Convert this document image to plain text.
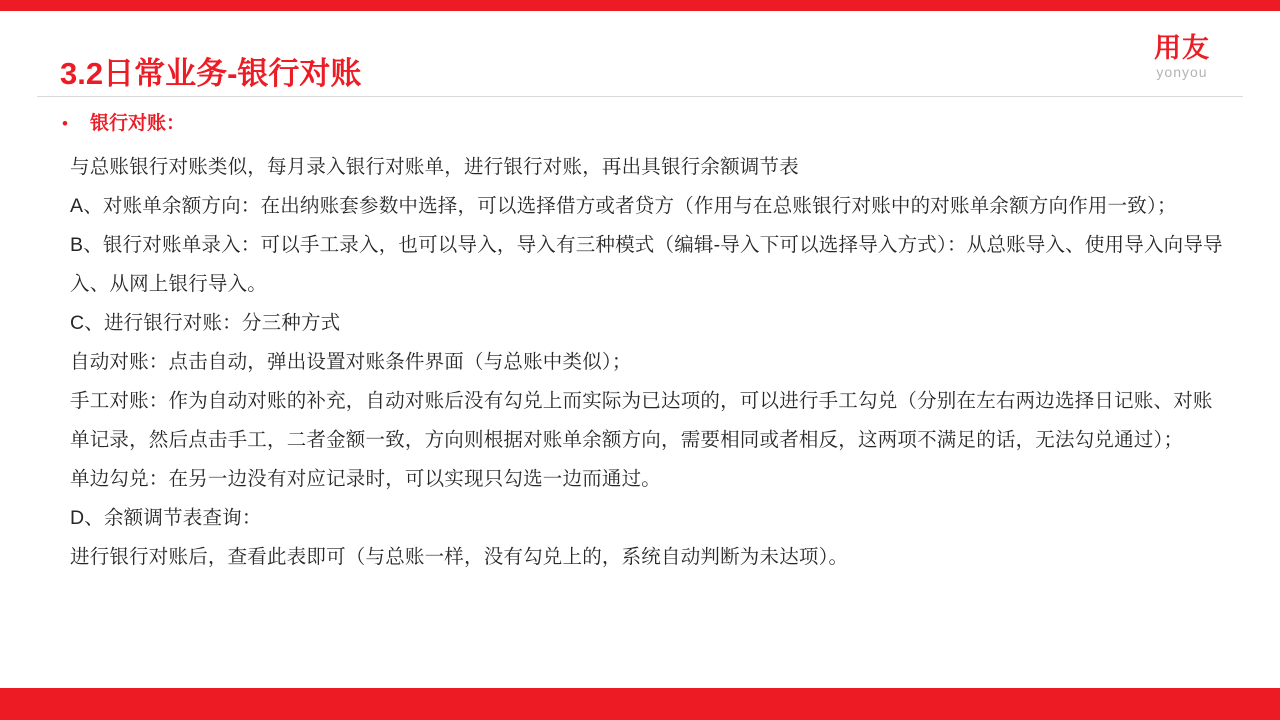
3.2日常业务-银行对账
用友
yonyou
•	银行对账：

与总账银行对账类似，每月录入银行对账单，进行银行对账，再出具银行余额调节表

A、对账单余额方向：在出纳账套参数中选择，可以选择借方或者贷方（作用与在总账银行对账中的对账单余额方向作用一致）；

B、银行对账单录入：可以手工录入，也可以导入，导入有三种模式（编辑-导入下可以选择导入方式）：从总账导入、使用导入向导导入、从网上银行导入。

C、进行银行对账：分三种方式

自动对账：点击自动，弹出设置对账条件界面（与总账中类似）；

手工对账：作为自动对账的补充，自动对账后没有勾兑上而实际为已达项的，可以进行手工勾兑（分别在左右两边选择日记账、对账单记录，然后点击手工，二者金额一致，方向则根据对账单余额方向，需要相同或者相反，这两项不满足的话，无法勾兑通过）；

单边勾兑：在另一边没有对应记录时，可以实现只勾选一边而通过。

D、余额调节表查询：

进行银行对账后，查看此表即可（与总账一样，没有勾兑上的，系统自动判断为未达项）。
